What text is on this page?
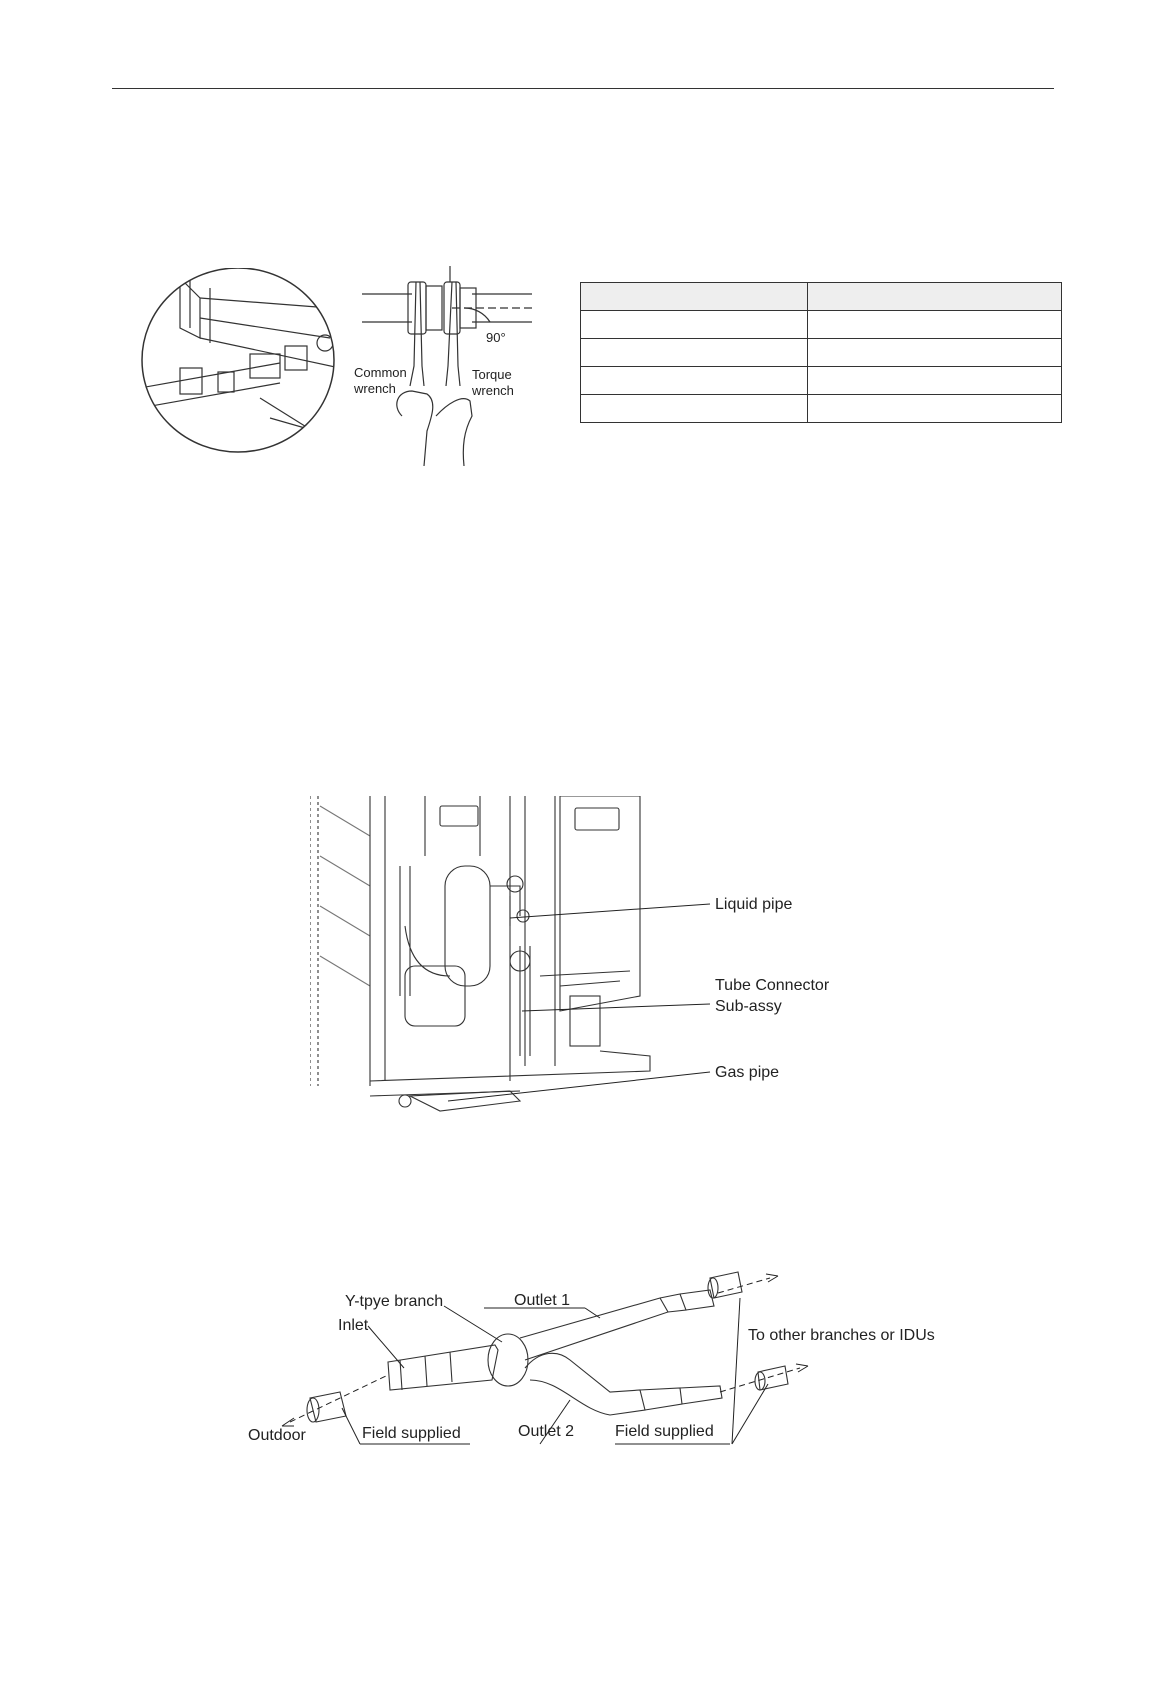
Common
wrench
Torque
wrench
90°

Liquid pipe
Tube Connector
Sub-assy
Gas pipe
Y-tpye branch	Outlet 1
Inlet
To other branches or IDUs
Outdoor	Field supplied	Outlet 2	Field supplied
